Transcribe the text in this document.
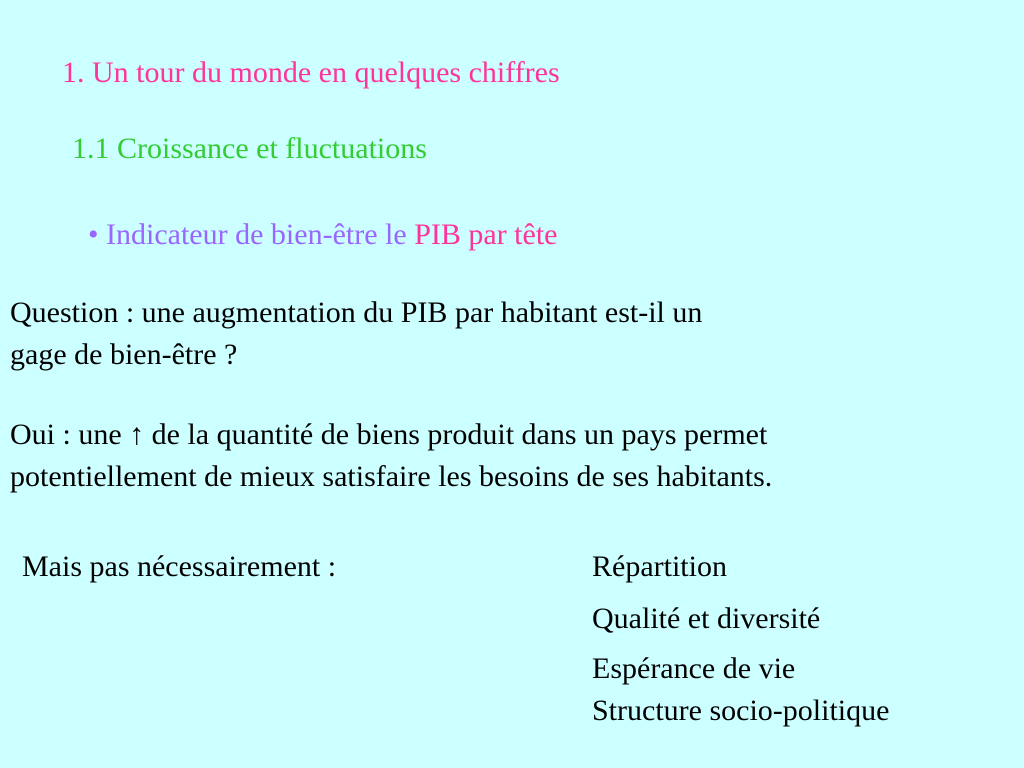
1. Un tour du monde en quelques chiffres
1.1 Croissance et fluctuations
• Indicateur de bien-être le PIB par tête
Question : une augmentation du PIB par habitant est-il un
gage de bien-être ?
Oui : une ↑ de la quantité de biens produit dans un pays permet
potentiellement de mieux satisfaire les besoins de ses habitants.
Mais pas nécessairement :	Répartition
Qualité et diversité
Espérance de vie
Structure socio-politique
